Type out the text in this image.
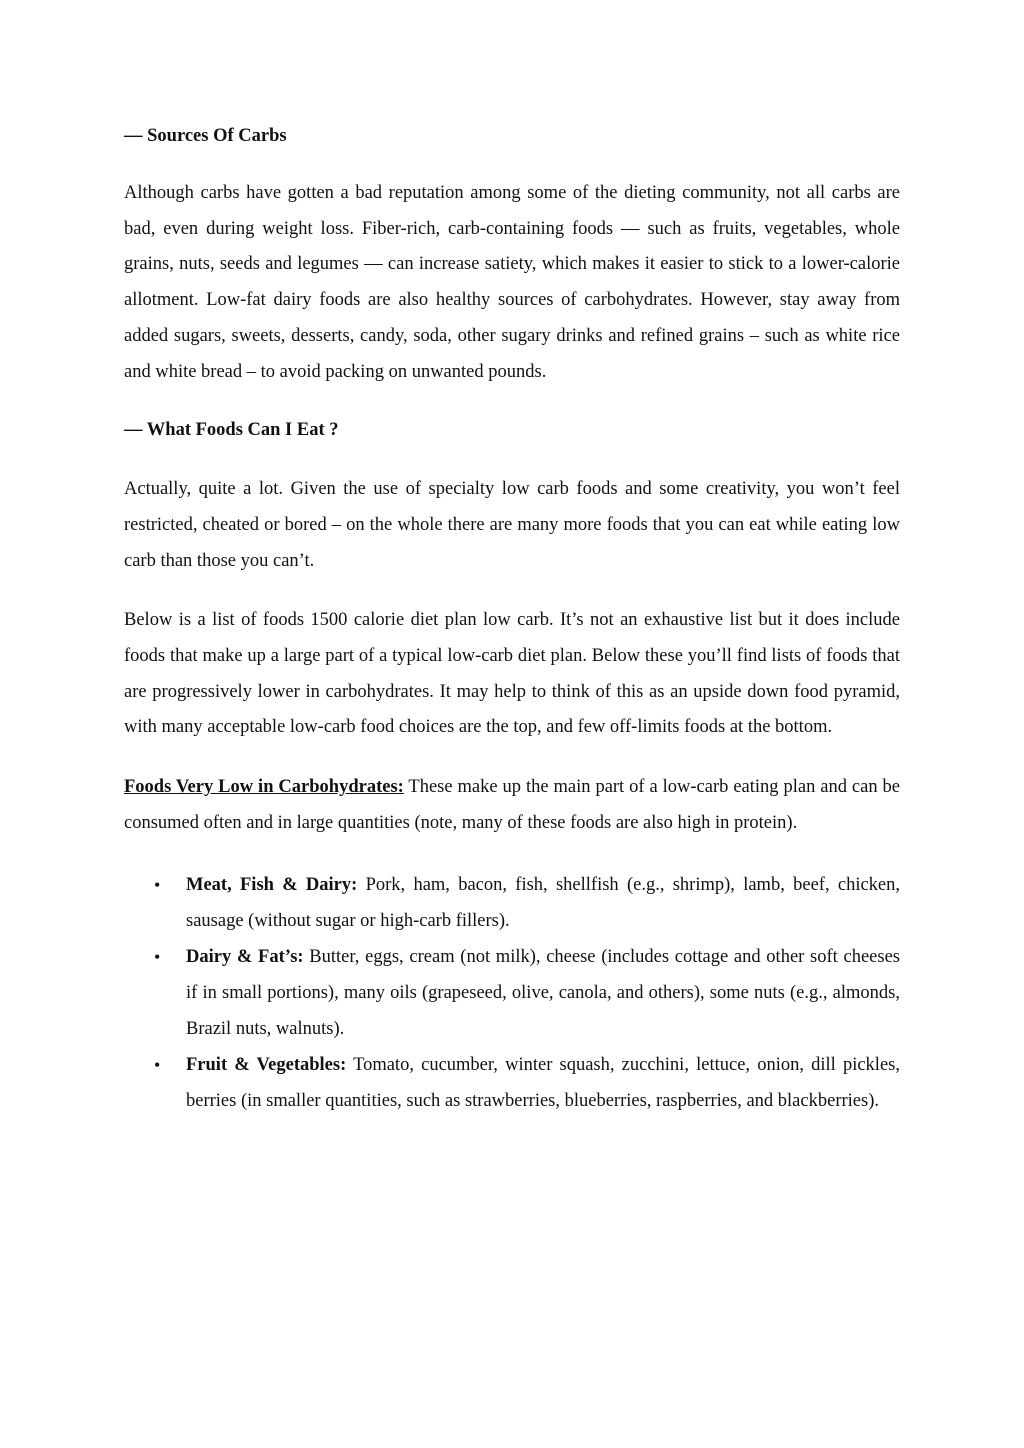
— Sources Of Carbs

Although carbs have gotten a bad reputation among some of the dieting community, not all carbs are bad, even during weight loss. Fiber-rich, carb-containing foods — such as fruits, vegetables, whole grains, nuts, seeds and legumes — can increase satiety, which makes it easier to stick to a lower-calorie allotment. Low-fat dairy foods are also healthy sources of carbohydrates. However, stay away from added sugars, sweets, desserts, candy, soda, other sugary drinks and refined grains – such as white rice and white bread – to avoid packing on unwanted pounds.

— What Foods Can I Eat ?

Actually, quite a lot. Given the use of specialty low carb foods and some creativity, you won’t feel restricted, cheated or bored – on the whole there are many more foods that you can eat while eating low carb than those you can’t.

Below is a list of foods 1500 calorie diet plan low carb. It’s not an exhaustive list but it does include foods that make up a large part of a typical low-carb diet plan. Below these you’ll find lists of foods that are progressively lower in carbohydrates. It may help to think of this as an upside down food pyramid, with many acceptable low-carb food choices are the top, and few off-limits foods at the bottom.

Foods Very Low in Carbohydrates: These make up the main part of a low-carb eating plan and can be consumed often and in large quantities (note, many of these foods are also high in protein).

• Meat, Fish & Dairy: Pork, ham, bacon, fish, shellfish (e.g., shrimp), lamb, beef, chicken, sausage (without sugar or high-carb fillers).
• Dairy & Fat’s: Butter, eggs, cream (not milk), cheese (includes cottage and other soft cheeses if in small portions), many oils (grapeseed, olive, canola, and others), some nuts (e.g., almonds, Brazil nuts, walnuts).
• Fruit & Vegetables: Tomato, cucumber, winter squash, zucchini, lettuce, onion, dill pickles, berries (in smaller quantities, such as strawberries, blueberries, raspberries, and blackberries).
